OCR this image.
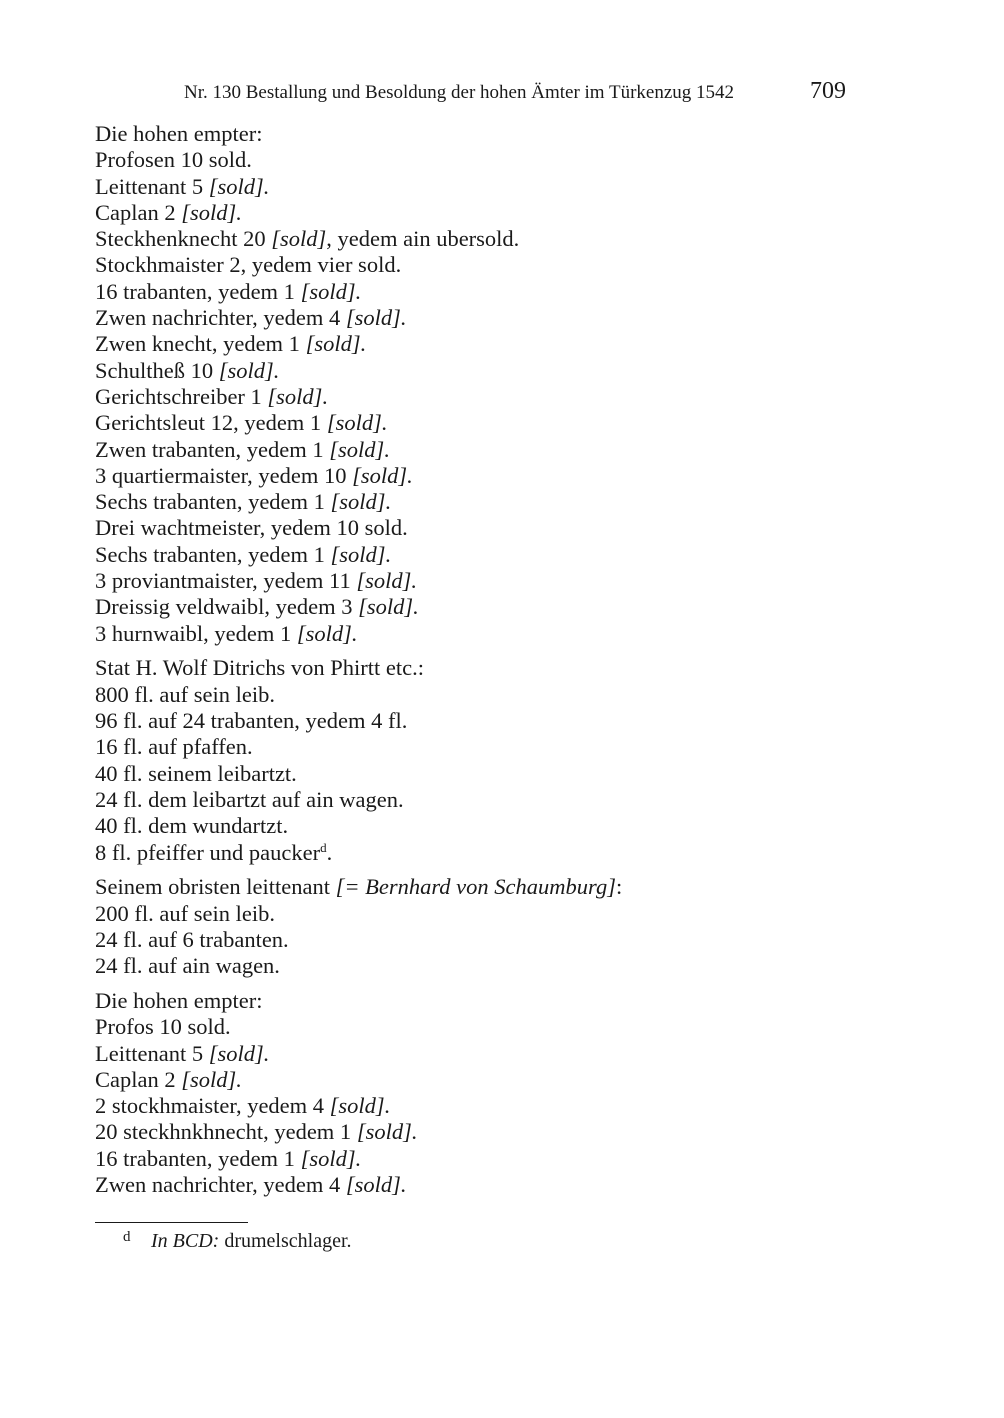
Nr. 130 Bestallung und Besoldung der hohen Ämter im Türkenzug 1542	709
Die hohen empter:
Profosen 10 sold.
Leittenant 5 [sold].
Caplan 2 [sold].
Steckhenknecht 20 [sold], yedem ain ubersold.
Stockhmaister 2, yedem vier sold.
16 trabanten, yedem 1 [sold].
Zwen nachrichter, yedem 4 [sold].
Zwen knecht, yedem 1 [sold].
Schultheß 10 [sold].
Gerichtschreiber 1 [sold].
Gerichtsleut 12, yedem 1 [sold].
Zwen trabanten, yedem 1 [sold].
3 quartiermaister, yedem 10 [sold].
Sechs trabanten, yedem 1 [sold].
Drei wachtmeister, yedem 10 sold.
Sechs trabanten, yedem 1 [sold].
3 proviantmaister, yedem 11 [sold].
Dreissig veldwaibl, yedem 3 [sold].
3 hurnwaibl, yedem 1 [sold].
Stat H. Wolf Ditrichs von Phirtt etc.:
800 fl. auf sein leib.
96 fl. auf 24 trabanten, yedem 4 fl.
16 fl. auf pfaffen.
40 fl. seinem leibartzt.
24 fl. dem leibartzt auf ain wagen.
40 fl. dem wundartzt.
8 fl. pfeiffer und paucker$^d$.
Seinem obristen leittenant [= Bernhard von Schaumburg]:
200 fl. auf sein leib.
24 fl. auf 6 trabanten.
24 fl. auf ain wagen.
Die hohen empter:
Profos 10 sold.
Leittenant 5 [sold].
Caplan 2 [sold].
2 stockhmaister, yedem 4 [sold].
20 steckhnkhnecht, yedem 1 [sold].
16 trabanten, yedem 1 [sold].
Zwen nachrichter, yedem 4 [sold].
d In BCD: drumelschlager.
